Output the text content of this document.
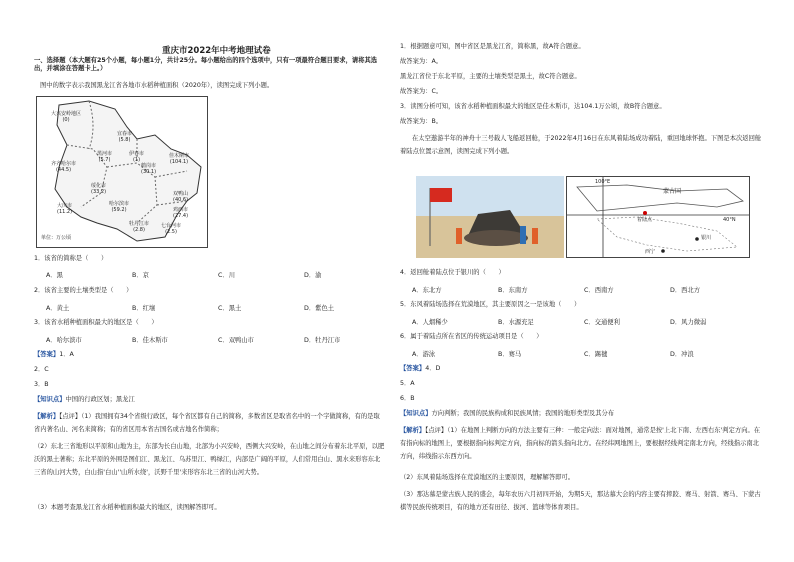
重庆市2022年中考地理试卷
一、选择题（本大题有25个小题，每小题1分，共计25分。每小题给出的四个选项中，只有一项最符合题目要求，请将其选出，并填涂在答题卡上。）
图中的数字表示我国黑龙江省各地市水稻种植面积（2020年），读图完成下列小题。
大兴安岭地区
(0)
宜春市
(5.8)
黑河市
(5.7)
伊春市
(1)
佳木斯市
(104.1)
齐齐哈尔市
(44.5)
绥化市
(33.2)
鹤岗市
(30.1)
双鸭山
(40.6)
大庆市
(11.2)
哈尔滨市
(59.2)	鸡西市
(27.4)
牡丹江市
(2.8)
七台河市
(2.5)
单位：万公顷
1．该省的简称是（　　）
A．黑	B．京	C．川	D．渝
2．该省主要的土壤类型是（　　）
A．黄土	B．红壤	C．黑土	D．紫色土
3．该省水稻种植面积最大的地区是（　　）
A．哈尔滨市	B．佳木斯市	C．双鸭山市	D．牡丹江市
【答案】1．A
2．C
3．B
【知识点】中国的行政区划；黑龙江
【解析】【点评】（1）我国拥有34个省级行政区，每个省区都有自己的简称，多数省区是取省名中的一个字做简称，有的是取省内著名山、河名来简称；有的省区用本省古国名或古地名作简称；
（2）东北三省地形以平原和山地为主，东部为长白山地，北部为小兴安岭，西侧大兴安岭，在山地之间分布着东北平原，以肥沃的黑土著称；东北平原的外围是图们江、黑龙江、乌苏里江、鸭绿江，内部是广阔的平原，人们常用白山、黑水来形容东北三省的山河大势，白山指'白山''山所水绕'，沃野千里'来形容东北三省的山河大势。
（3）本题考查黑龙江省水稻种植面积最大的地区，读图解答即可。
1．根据题意可知，图中省区是黑龙江省，简称黑，故A符合题意。
故答案为：A。
黑龙江省位于东北平原，主要的土壤类型是黑土，故C符合题意。
故答案为：C。
3．读图分析可知，该省水稻种植面积最大的地区是佳木斯市，达104.1万公顷，故B符合题意。
故答案为：B。
在太空遨游半年的神舟十三号载人飞船返回舱，于2022年4月16日在东风着陆场成功着陆，重回地球怀抱。下图是本次返回舱着陆点位置示意图，读图完成下列小题。
100°E
40°N
蒙古国
着陆点
银川
西宁
4．返回舱着陆点位于银川的（　　）
A．东北方	B．东南方	C．西南方	D．西北方
5．东风着陆场选择在荒漠地区，其主要原因之一是该地（　　）
A．人烟稀少	B．水源充足	C．交通便利	D．风力微弱
6．属于着陆点所在省区的传统运动项目是（　　）
A．游泳	B．赛马	C．踢毽	D．冲浪
【答案】4．D
5．A
6．B
【知识点】方向判断；我国的民族构成和民族风情；我国的地形类型及其分布
【解析】【点评】（1）在地图上判断方向的方法主要有三种：一般定向法：面对地图，通常是按'上北下南、左西右东'判定方向。在有指向标的地图上，要根据指向标判定方向，指向标的箭头指向北方。在经纬网地图上，要根据经线判定南北方向，经线指示南北方向，纬线指示东西方向。
（2）东风着陆场选择在荒漠地区的主要原因，理解解答即可。
（3）那达慕是蒙古族人民的盛会，每年农历六月初四开始，为期5天，那达慕大会的内容主要有摔跤、赛马、射箭、赛马、下蒙古棋等民族传统项目，有的地方还有田径、拔河、篮球等体育项目。
